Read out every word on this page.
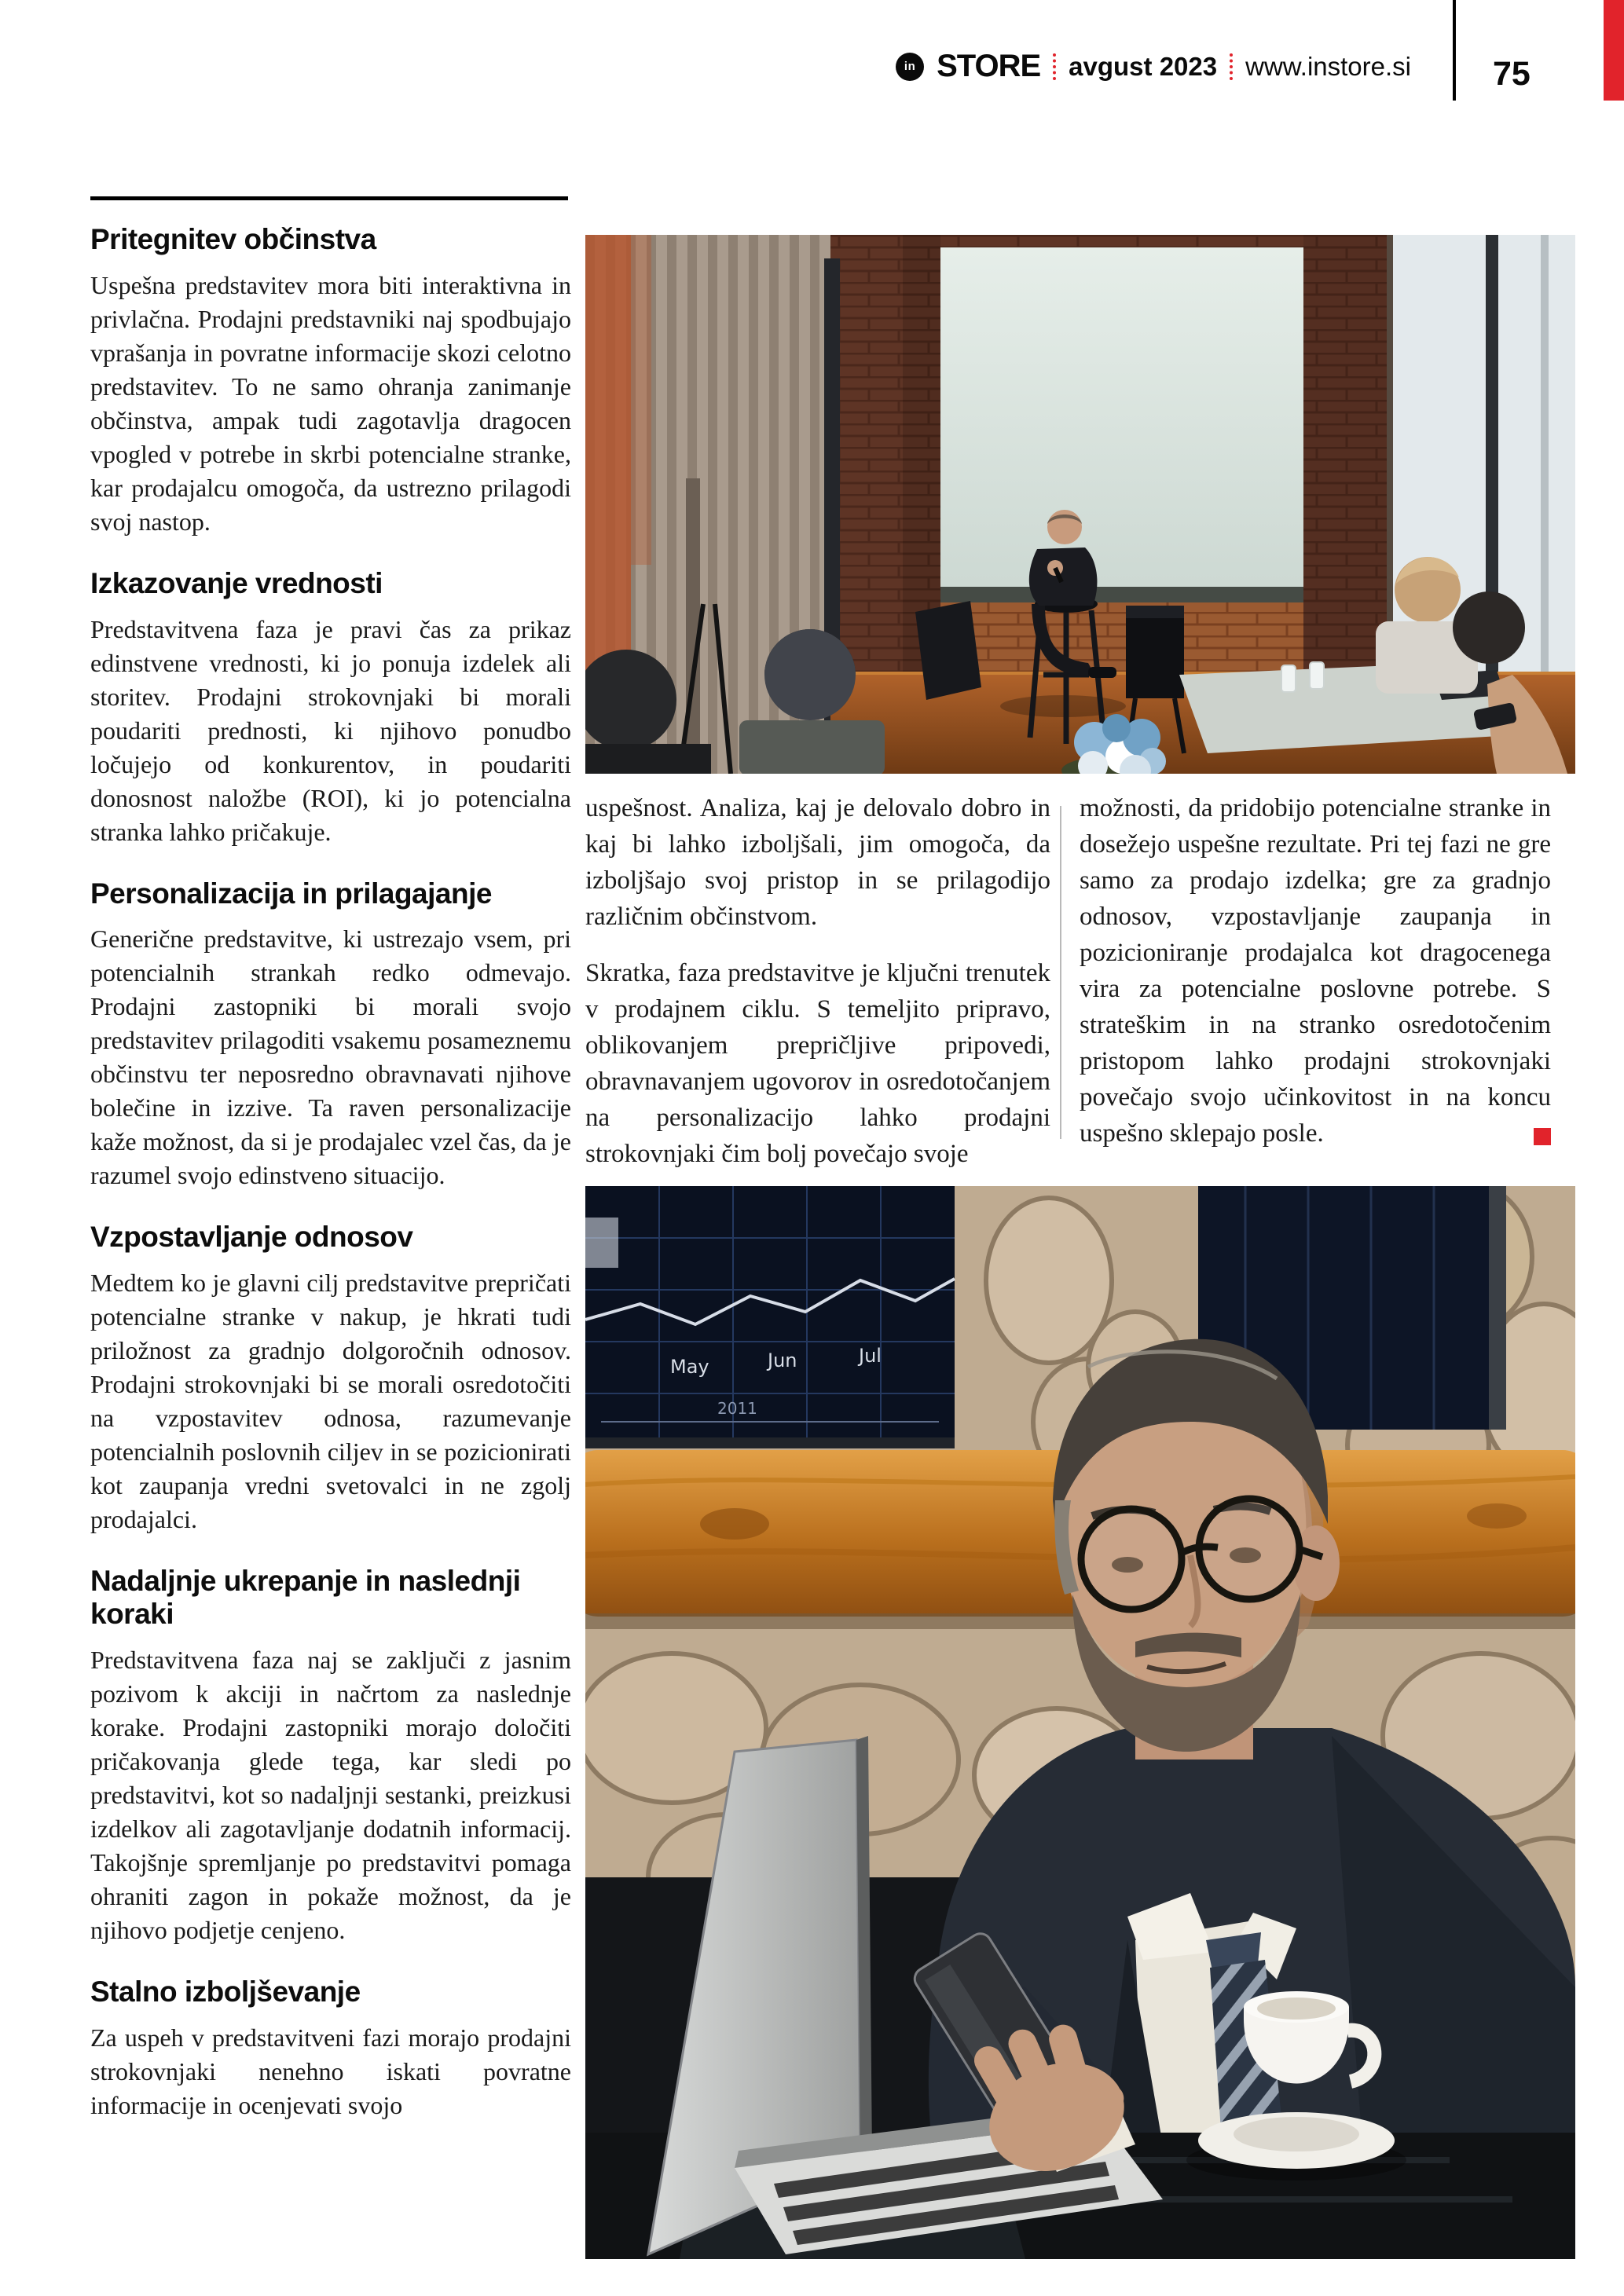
in STORE avgust 2023 www.instore.si 75
Pritegnitev občinstva

Uspešna predstavitev mora biti interaktivna in privlačna. Prodajni predstavniki naj spodbujajo vprašanja in povratne informacije skozi celotno predstavitev. To ne samo ohranja zanimanje občinstva, ampak tudi zagotavlja dragocen vpogled v potrebe in skrbi potencialne stranke, kar prodajalcu omogoča, da ustrezno prilagodi svoj nastop.

Izkazovanje vrednosti

Predstavitvena faza je pravi čas za prikaz edinstvene vrednosti, ki jo ponuja izdelek ali storitev. Prodajni strokovnjaki bi morali poudariti prednosti, ki njihovo ponudbo ločujejo od konkurentov, in poudariti donosnost naložbe (ROI), ki jo potencialna stranka lahko pričakuje.

Personalizacija in prilagajanje

Generične predstavitve, ki ustrezajo vsem, pri potencialnih strankah redko odmevajo. Prodajni zastopniki bi morali svojo predstavitev prilagoditi vsakemu posameznemu občinstvu ter neposredno obravnavati njihove bolečine in izzive. Ta raven personalizacije kaže možnost, da si je prodajalec vzel čas, da je razumel svojo edinstveno situacijo.

Vzpostavljanje odnosov

Medtem ko je glavni cilj predstavitve prepričati potencialne stranke v nakup, je hkrati tudi priložnost za gradnjo dolgoročnih odnosov. Prodajni strokovnjaki bi se morali osredotočiti na vzpostavitev odnosa, razumevanje potencialnih poslovnih ciljev in se pozicionirati kot zaupanja vredni svetovalci in ne zgolj prodajalci.

Nadaljnje ukrepanje in naslednji koraki

Predstavitvena faza naj se zaključi z jasnim pozivom k akciji in načrtom za naslednje korake. Prodajni zastopniki morajo določiti pričakovanja glede tega, kar sledi po predstavitvi, kot so nadaljnji sestanki, preizkusi izdelkov ali zagotavljanje dodatnih informacij. Takojšnje spremljanje po predstavitvi pomaga ohraniti zagon in pokaže možnost, da je njihovo podjetje cenjeno.

Stalno izboljševanje

Za uspeh v predstavitveni fazi morajo prodajni strokovnjaki nenehno iskati povratne informacije in ocenjevati svojo

uspešnost. Analiza, kaj je delovalo dobro in kaj bi lahko izboljšali, jim omogoča, da izboljšajo svoj pristop in se prilagodijo različnim občinstvom.

Skratka, faza predstavitve je ključni trenutek v prodajnem ciklu. S temeljito pripravo, oblikovanjem prepričljive pripovedi, obravnavanjem ugovorov in osredotočanjem na personalizacijo lahko prodajni strokovnjaki čim bolj povečajo svoje

možnosti, da pridobijo potencialne stranke in dosežejo uspešne rezultate. Pri tej fazi ne gre samo za prodajo izdelka; gre za gradnjo odnosov, vzpostavljanje zaupanja in pozicioniranje prodajalca kot dragocenega vira za potencialne poslovne potrebe. S strateškim in na stranko osredotočenim pristopom lahko prodajni strokovnjaki povečajo svojo učinkovitost in na koncu uspešno sklepajo posle.

May	Jun	Jul
2011
